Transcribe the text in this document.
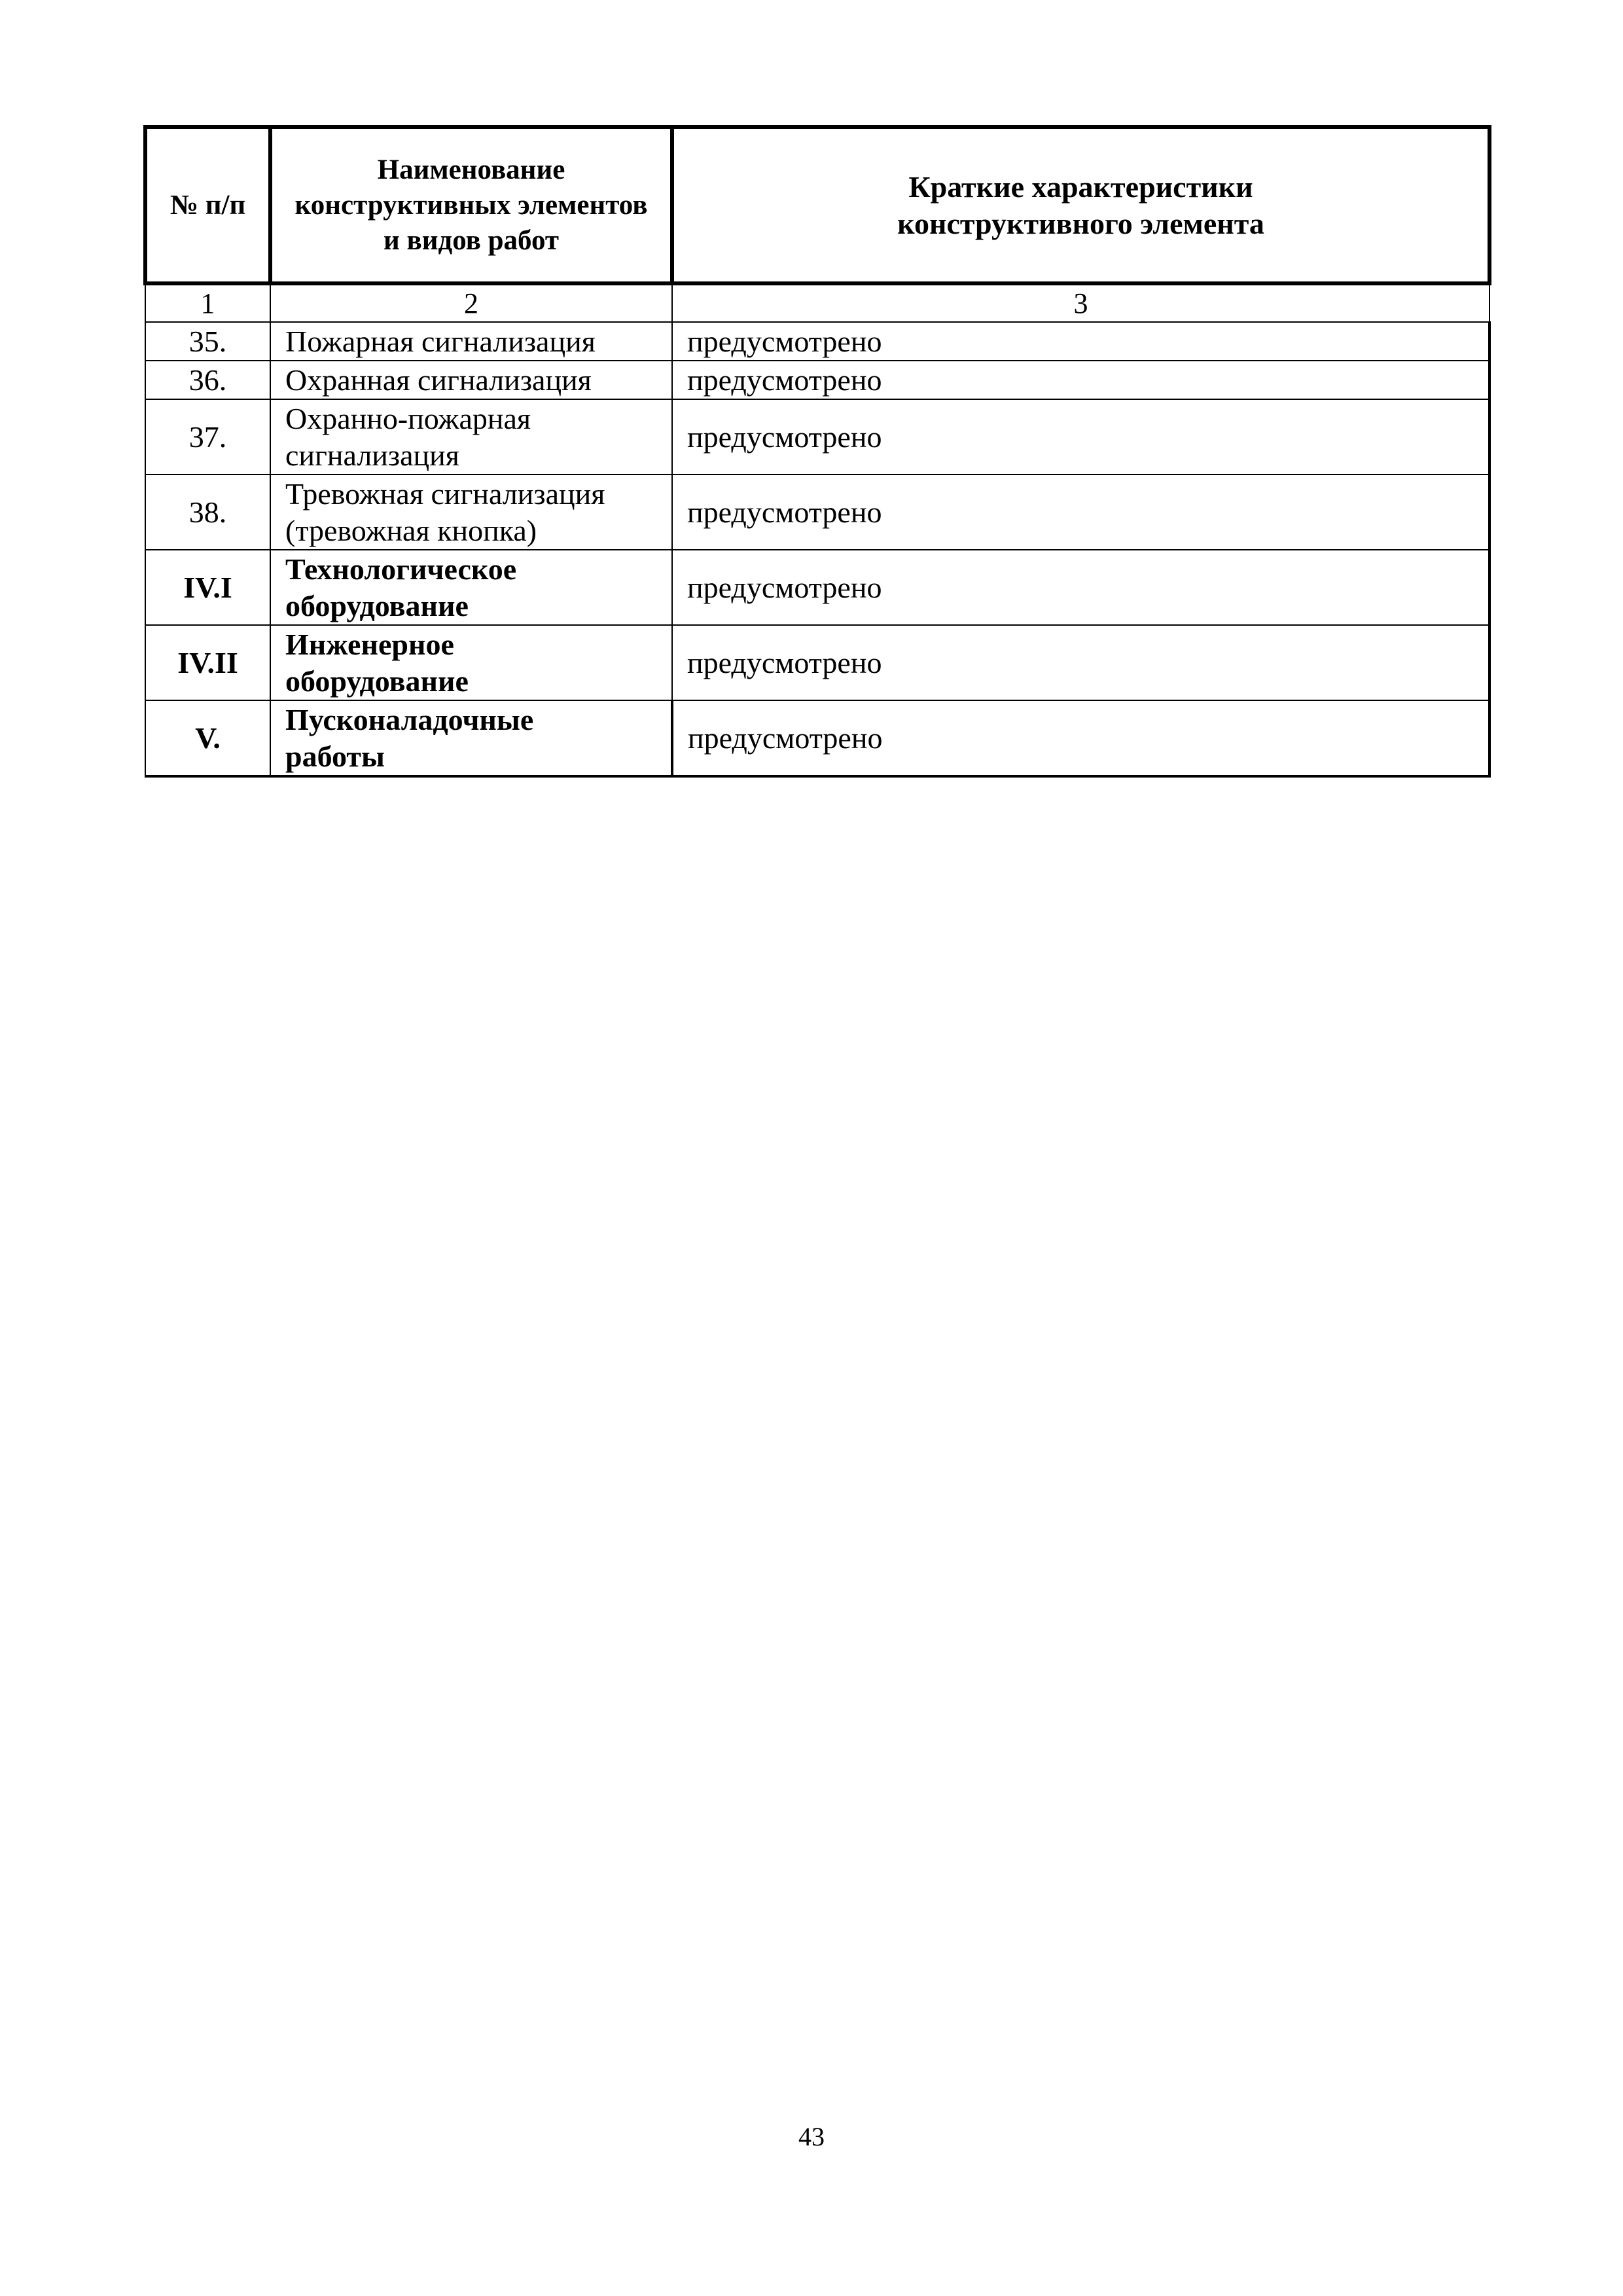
№ п/п	Наименование конструктивных элементов и видов работ	Краткие характеристики конструктивного элемента
1	2	3
35.	Пожарная сигнализация	предусмотрено
36.	Охранная сигнализация	предусмотрено
37.	Охранно-пожарная сигнализация	предусмотрено
38.	Тревожная сигнализация (тревожная кнопка)	предусмотрено
IV.I	Технологическое оборудование	предусмотрено
IV.II	Инженерное оборудование	предусмотрено
V.	Пусконаладочные работы	предусмотрено
43
